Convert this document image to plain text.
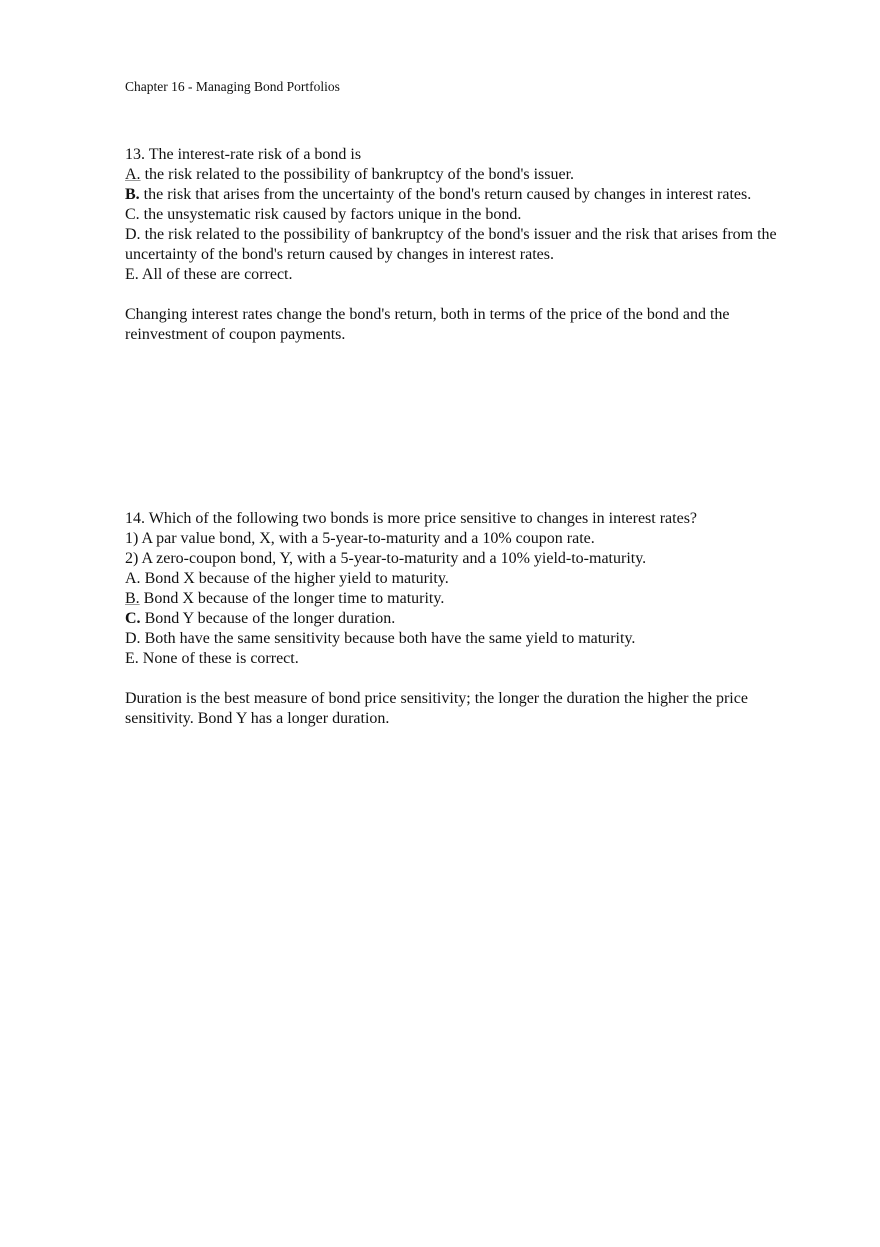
Chapter 16 - Managing Bond Portfolios
13. The interest-rate risk of a bond is
A. the risk related to the possibility of bankruptcy of the bond's issuer.
B. the risk that arises from the uncertainty of the bond's return caused by changes in interest rates.
C. the unsystematic risk caused by factors unique in the bond.
D. the risk related to the possibility of bankruptcy of the bond's issuer and the risk that arises from the uncertainty of the bond's return caused by changes in interest rates.
E. All of these are correct.
Changing interest rates change the bond's return, both in terms of the price of the bond and the reinvestment of coupon payments.
14. Which of the following two bonds is more price sensitive to changes in interest rates?
1) A par value bond, X, with a 5-year-to-maturity and a 10% coupon rate.
2) A zero-coupon bond, Y, with a 5-year-to-maturity and a 10% yield-to-maturity.
A. Bond X because of the higher yield to maturity.
B. Bond X because of the longer time to maturity.
C. Bond Y because of the longer duration.
D. Both have the same sensitivity because both have the same yield to maturity.
E. None of these is correct.
Duration is the best measure of bond price sensitivity; the longer the duration the higher the price sensitivity. Bond Y has a longer duration.
